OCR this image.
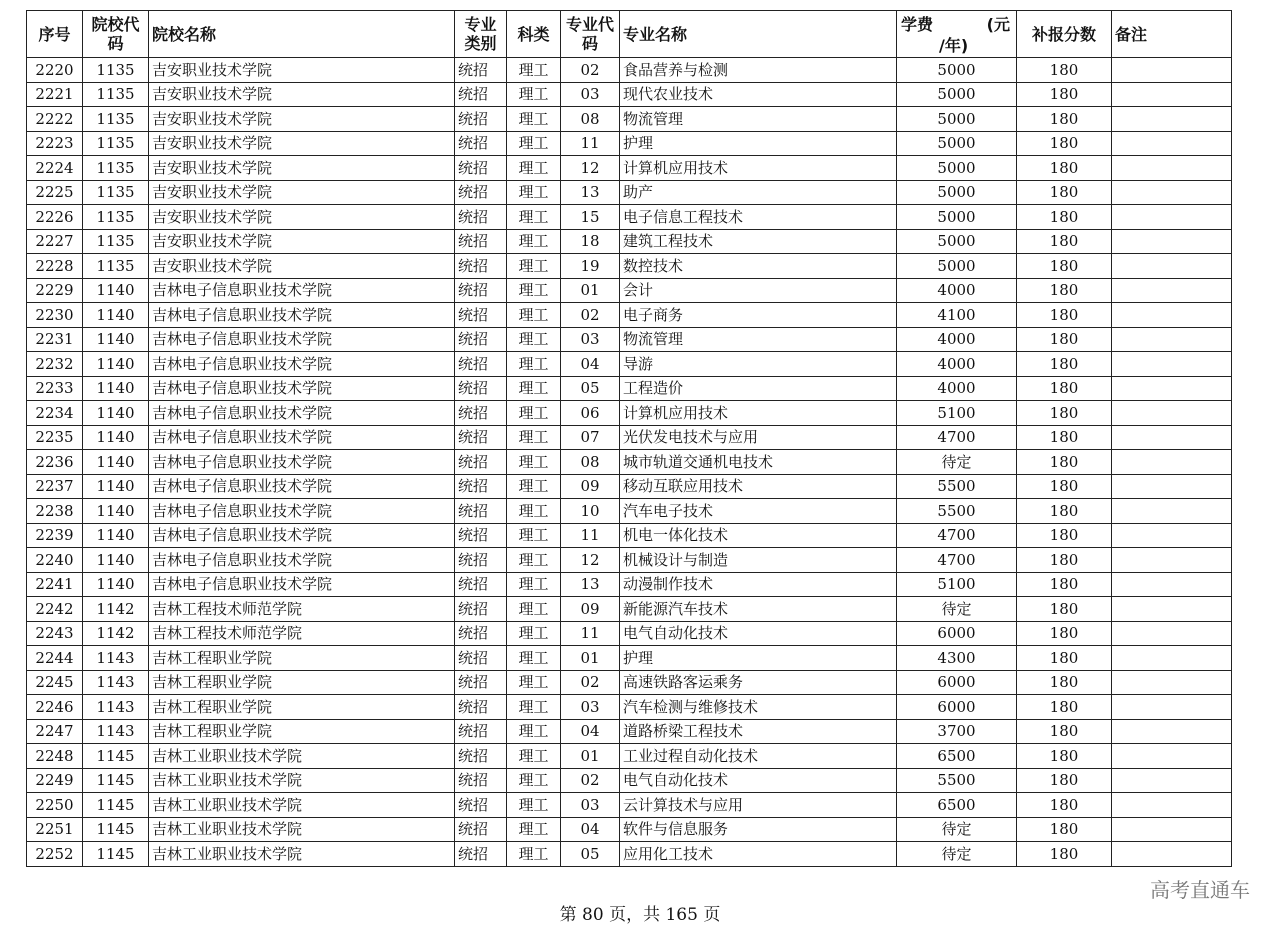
序号	院校代码	院校名称	专业类别	科类	专业代码	专业名称	学费 (元
/年)	补报分数	备注
2220	1135	吉安职业技术学院	统招	理工	02	食品营养与检测	5000	180	
2221	1135	吉安职业技术学院	统招	理工	03	现代农业技术	5000	180	
2222	1135	吉安职业技术学院	统招	理工	08	物流管理	5000	180	
2223	1135	吉安职业技术学院	统招	理工	11	护理	5000	180	
2224	1135	吉安职业技术学院	统招	理工	12	计算机应用技术	5000	180	
2225	1135	吉安职业技术学院	统招	理工	13	助产	5000	180	
2226	1135	吉安职业技术学院	统招	理工	15	电子信息工程技术	5000	180	
2227	1135	吉安职业技术学院	统招	理工	18	建筑工程技术	5000	180	
2228	1135	吉安职业技术学院	统招	理工	19	数控技术	5000	180	
2229	1140	吉林电子信息职业技术学院	统招	理工	01	会计	4000	180	
2230	1140	吉林电子信息职业技术学院	统招	理工	02	电子商务	4100	180	
2231	1140	吉林电子信息职业技术学院	统招	理工	03	物流管理	4000	180	
2232	1140	吉林电子信息职业技术学院	统招	理工	04	导游	4000	180	
2233	1140	吉林电子信息职业技术学院	统招	理工	05	工程造价	4000	180	
2234	1140	吉林电子信息职业技术学院	统招	理工	06	计算机应用技术	5100	180	
2235	1140	吉林电子信息职业技术学院	统招	理工	07	光伏发电技术与应用	4700	180	
2236	1140	吉林电子信息职业技术学院	统招	理工	08	城市轨道交通机电技术	待定	180	
2237	1140	吉林电子信息职业技术学院	统招	理工	09	移动互联应用技术	5500	180	
2238	1140	吉林电子信息职业技术学院	统招	理工	10	汽车电子技术	5500	180	
2239	1140	吉林电子信息职业技术学院	统招	理工	11	机电一体化技术	4700	180	
2240	1140	吉林电子信息职业技术学院	统招	理工	12	机械设计与制造	4700	180	
2241	1140	吉林电子信息职业技术学院	统招	理工	13	动漫制作技术	5100	180	
2242	1142	吉林工程技术师范学院	统招	理工	09	新能源汽车技术	待定	180	
2243	1142	吉林工程技术师范学院	统招	理工	11	电气自动化技术	6000	180	
2244	1143	吉林工程职业学院	统招	理工	01	护理	4300	180	
2245	1143	吉林工程职业学院	统招	理工	02	高速铁路客运乘务	6000	180	
2246	1143	吉林工程职业学院	统招	理工	03	汽车检测与维修技术	6000	180	
2247	1143	吉林工程职业学院	统招	理工	04	道路桥梁工程技术	3700	180	
2248	1145	吉林工业职业技术学院	统招	理工	01	工业过程自动化技术	6500	180	
2249	1145	吉林工业职业技术学院	统招	理工	02	电气自动化技术	5500	180	
2250	1145	吉林工业职业技术学院	统招	理工	03	云计算技术与应用	6500	180	
2251	1145	吉林工业职业技术学院	统招	理工	04	软件与信息服务	待定	180	
2252	1145	吉林工业职业技术学院	统招	理工	05	应用化工技术	待定	180	
第 80 页，共 165 页
高考直通车
